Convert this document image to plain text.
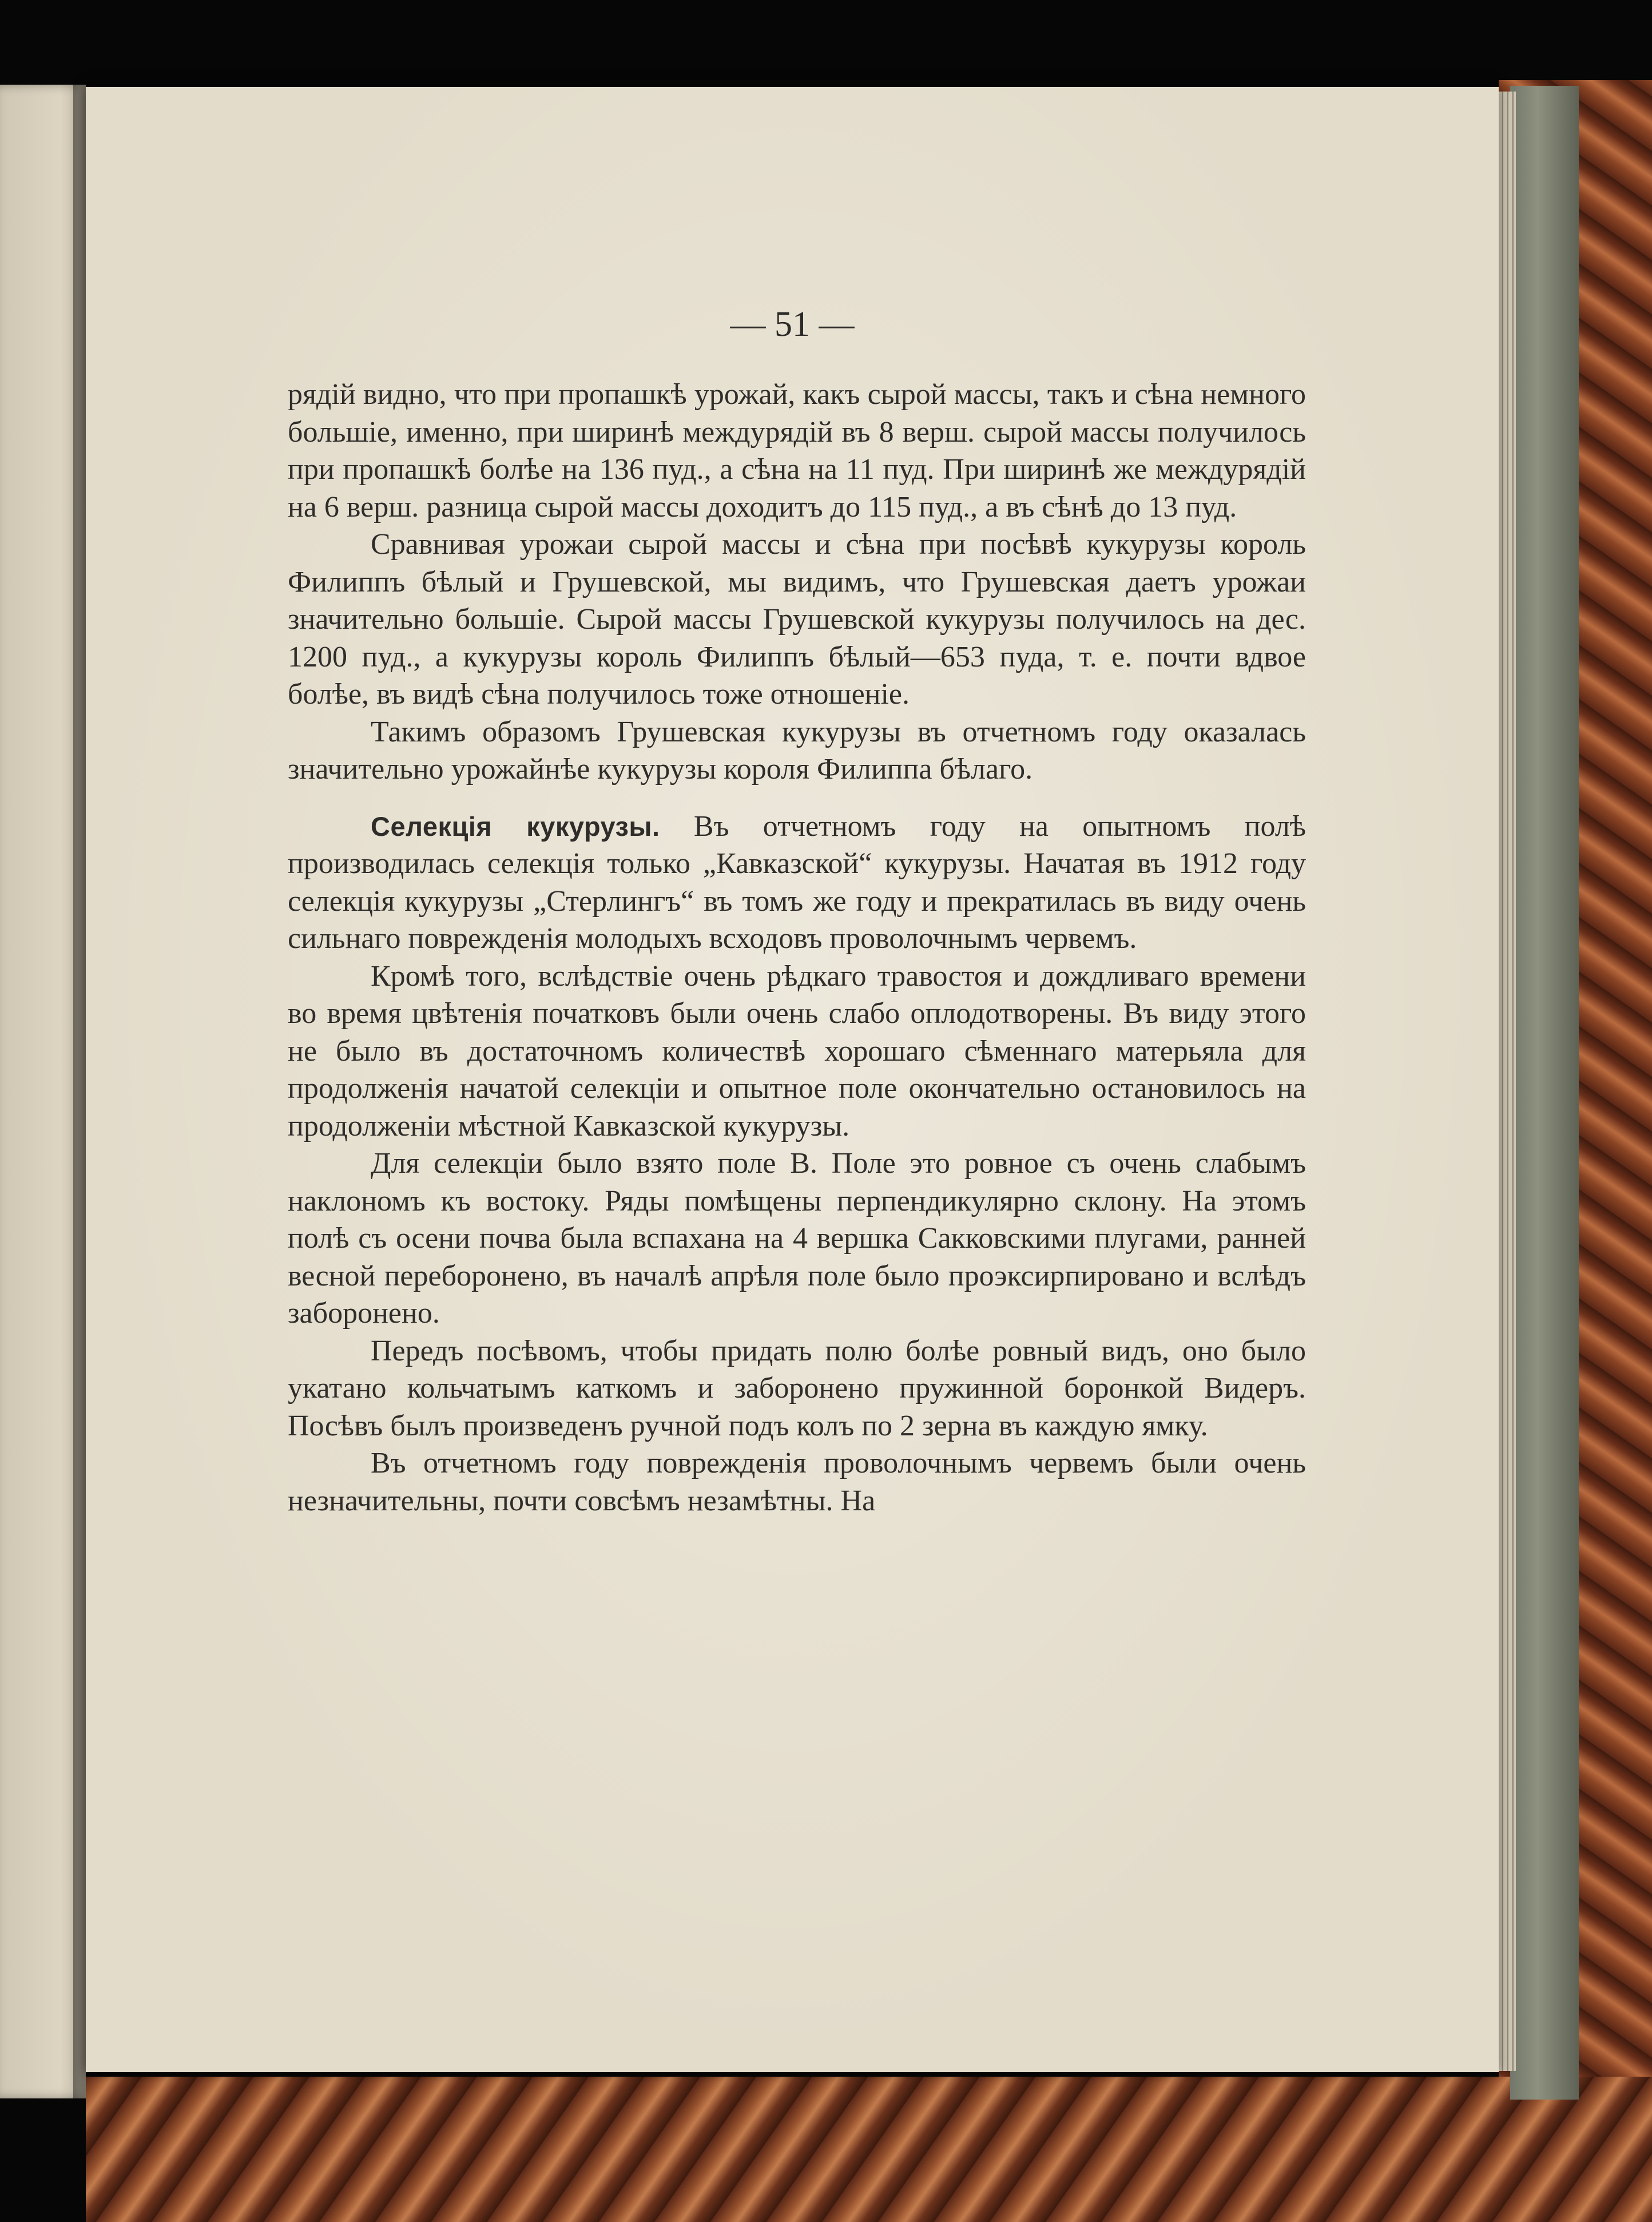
— 51 —

рядій видно, что при пропашкѣ урожай, какъ сырой массы, такъ и сѣна немного большіе, именно, при ширинѣ междурядій въ 8 верш. сырой массы получилось при пропашкѣ болѣе на 136 пуд., а сѣна на 11 пуд. При ширинѣ же междурядій на 6 верш. разница сырой массы доходитъ до 115 пуд., а въ сѣнѣ до 13 пуд.

Сравнивая урожаи сырой массы и сѣна при посѣвѣ кукурузы король Филиппъ бѣлый и Грушевской, мы видимъ, что Грушевская даетъ урожаи значительно большіе. Сырой массы Грушевской кукурузы получилось на дес. 1200 пуд., а кукурузы король Филиппъ бѣлый—653 пуда, т. е. почти вдвое болѣе, въ видѣ сѣна получилось тоже отношеніе.

Такимъ образомъ Грушевская кукурузы въ отчетномъ году оказалась значительно урожайнѣе кукурузы короля Филиппа бѣлаго.

Селекція кукурузы. Въ отчетномъ году на опытномъ полѣ производилась селекція только „Кавказской“ кукурузы. Начатая въ 1912 году селекція кукурузы „Стерлингъ“ въ томъ же году и прекратилась въ виду очень сильнаго поврежденія молодыхъ всходовъ проволочнымъ червемъ.

Кромѣ того, вслѣдствіе очень рѣдкаго травостоя и дождливаго времени во время цвѣтенія початковъ были очень слабо оплодотворены. Въ виду этого не было въ достаточномъ количествѣ хорошаго сѣменнаго матерьяла для продолженія начатой селекціи и опытное поле окончательно остановилось на продолженіи мѣстной Кавказской кукурузы.

Для селекціи было взято поле В. Поле это ровное съ очень слабымъ наклономъ къ востоку. Ряды помѣщены перпендикулярно склону. На этомъ полѣ съ осени почва была вспахана на 4 вершка Сакковскими плугами, ранней весной переборонено, въ началѣ апрѣля поле было проэксирпировано и вслѣдъ заборонено.

Передъ посѣвомъ, чтобы придать полю болѣе ровный видъ, оно было укатано кольчатымъ каткомъ и заборонено пружинной боронкой Видеръ. Посѣвъ былъ произведенъ ручной подъ колъ по 2 зерна въ каждую ямку.

Въ отчетномъ году поврежденія проволочнымъ червемъ были очень незначительны, почти совсѣмъ незамѣтны. На
